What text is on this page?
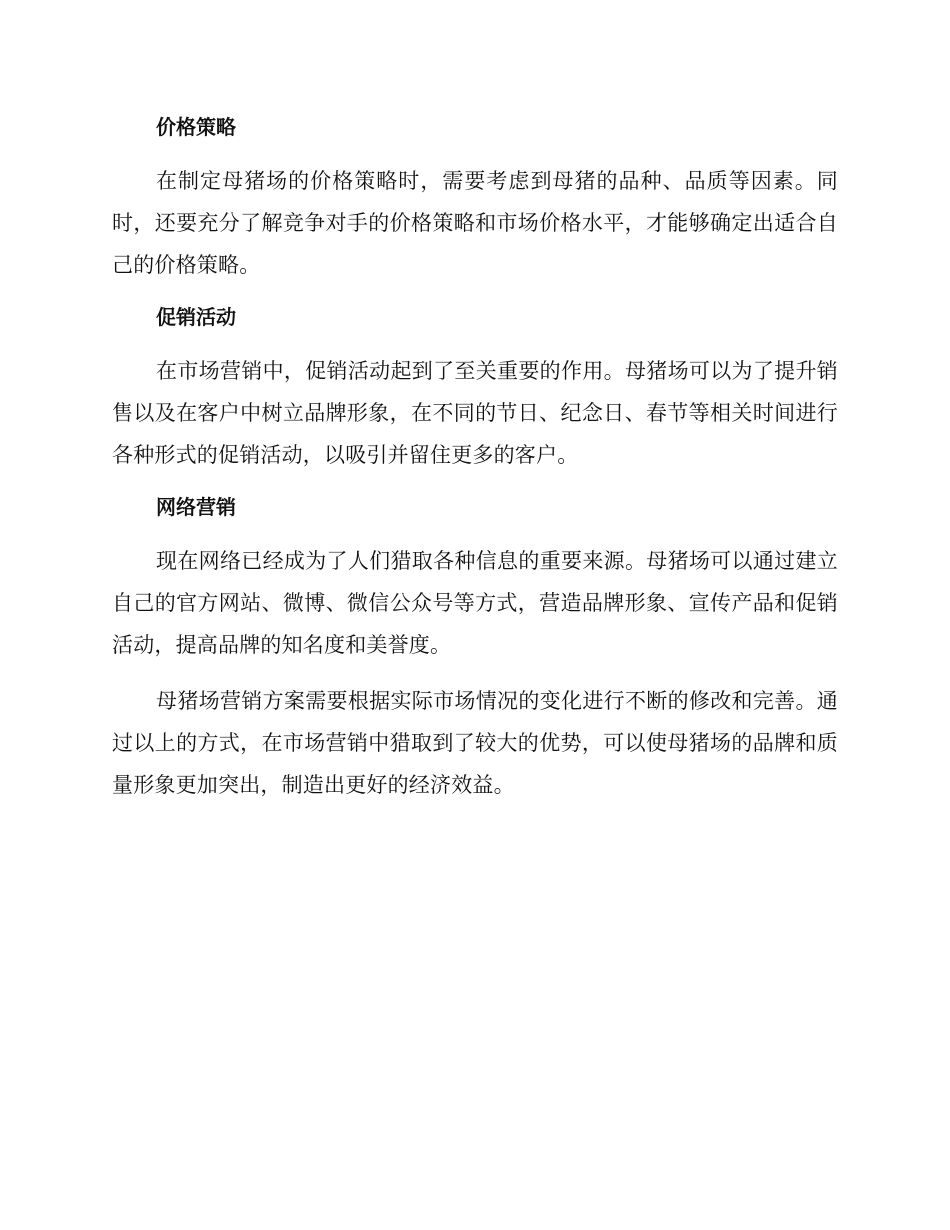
价格策略

在制定母猪场的价格策略时，需要考虑到母猪的品种、品质等因素。同时，还要充分了解竞争对手的价格策略和市场价格水平，才能够确定出适合自己的价格策略。

促销活动

在市场营销中，促销活动起到了至关重要的作用。母猪场可以为了提升销售以及在客户中树立品牌形象，在不同的节日、纪念日、春节等相关时间进行各种形式的促销活动，以吸引并留住更多的客户。

网络营销

现在网络已经成为了人们猎取各种信息的重要来源。母猪场可以通过建立自己的官方网站、微博、微信公众号等方式，营造品牌形象、宣传产品和促销活动，提高品牌的知名度和美誉度。

母猪场营销方案需要根据实际市场情况的变化进行不断的修改和完善。通过以上的方式，在市场营销中猎取到了较大的优势，可以使母猪场的品牌和质量形象更加突出，制造出更好的经济效益。
